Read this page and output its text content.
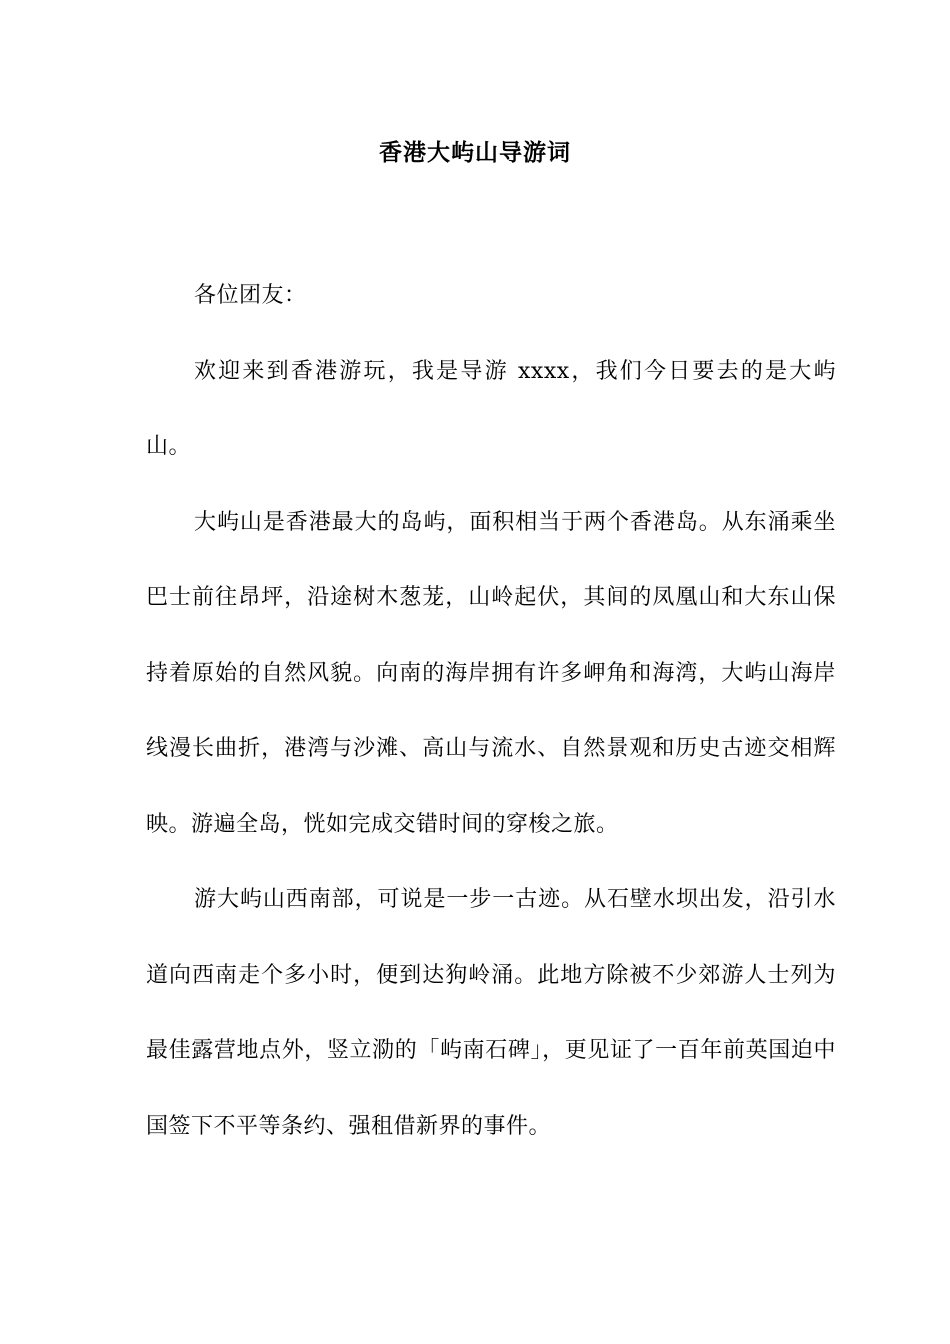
香港大屿山导游词

各位团友：

欢迎来到香港游玩，我是导游 xxxx，我们今日要去的是大屿山。

大屿山是香港最大的岛屿，面积相当于两个香港岛。从东涌乘坐巴士前往昂坪，沿途树木葱茏，山岭起伏，其间的凤凰山和大东山保持着原始的自然风貌。向南的海岸拥有许多岬角和海湾，大屿山海岸线漫长曲折，港湾与沙滩、高山与流水、自然景观和历史古迹交相辉映。游遍全岛，恍如完成交错时间的穿梭之旅。

游大屿山西南部，可说是一步一古迹。从石壁水坝出发，沿引水道向西南走个多小时，便到达狗岭涌。此地方除被不少郊游人士列为最佳露营地点外，竖立泐的「屿南石碑」，更见证了一百年前英国迫中国签下不平等条约、强租借新界的事件。
